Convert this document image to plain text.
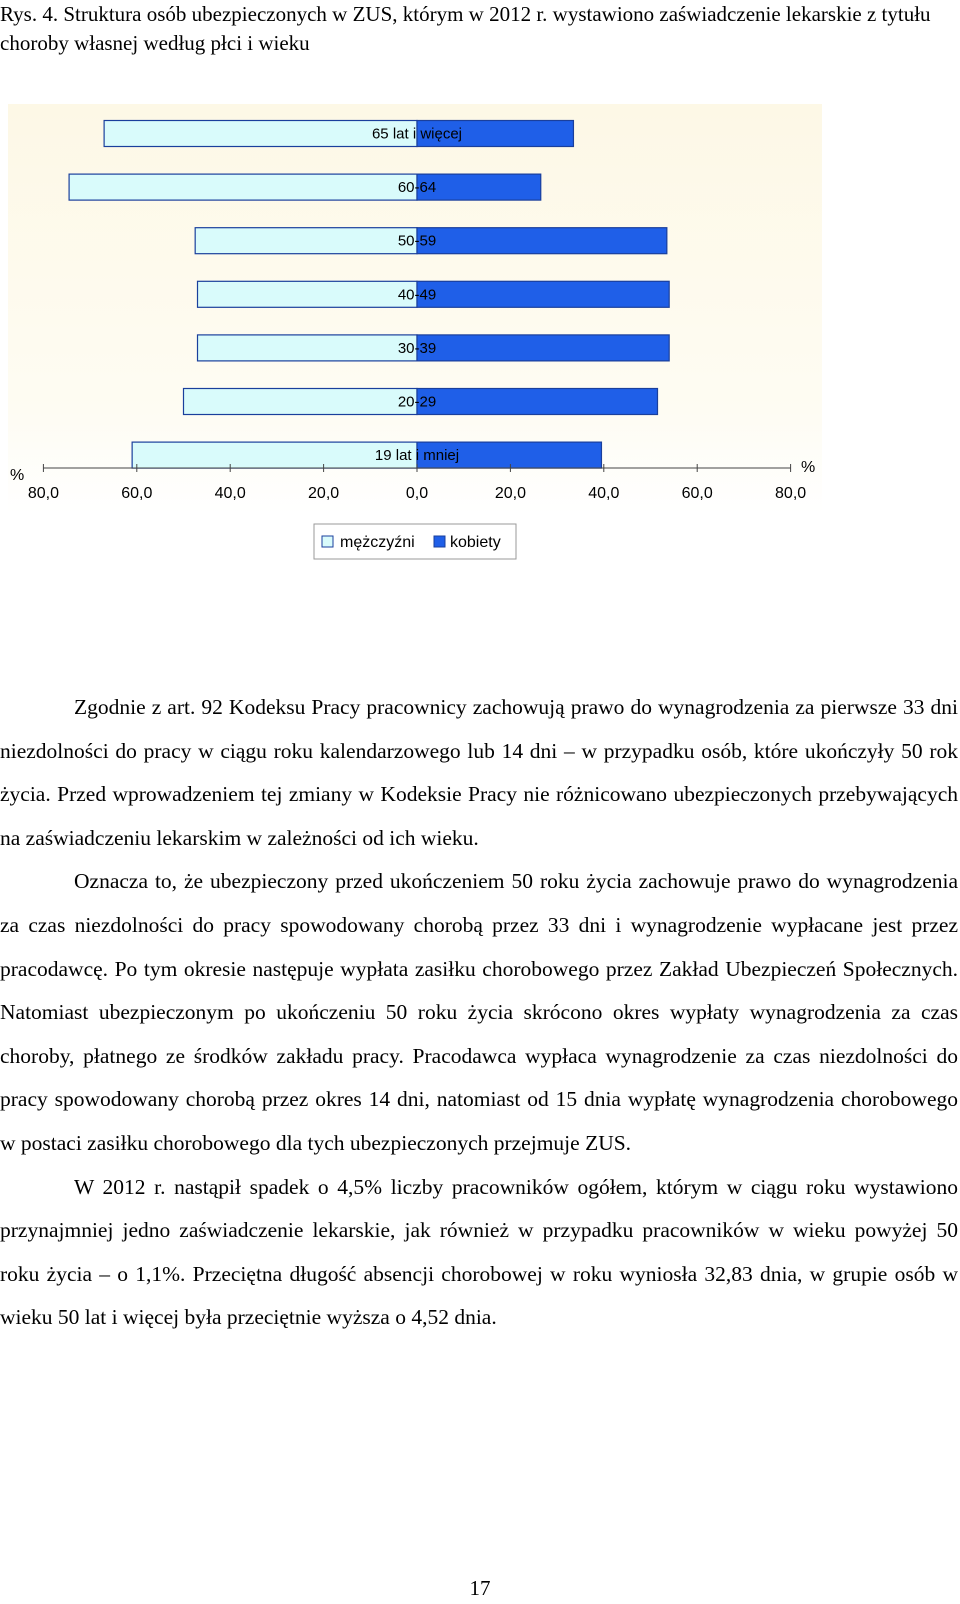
Rys. 4. Struktura osób ubezpieczonych w ZUS, którym w 2012 r. wystawiono zaświadczenie lekarskie z tytułu choroby własnej według płci i wieku
65 lat i więcej
60-64
50-59
40-49
30-39
20-29
19 lat i mniej
80,0	60,0	40,0	20,0	0,0	20,0	40,0	60,0	80,0
%	%
mężczyźni kobiety

Zgodnie z art. 92 Kodeksu Pracy pracownicy zachowują prawo do wynagrodzenia za pierwsze 33 dni niezdolności do pracy w ciągu roku kalendarzowego lub 14 dni – w przypadku osób, które ukończyły 50 rok życia. Przed wprowadzeniem tej zmiany w Kodeksie Pracy nie różnicowano ubezpieczonych przebywających na zaświadczeniu lekarskim w zależności od ich wieku.

Oznacza to, że ubezpieczony przed ukończeniem 50 roku życia zachowuje prawo do wynagrodzenia za czas niezdolności do pracy spowodowany chorobą przez 33 dni i wynagrodzenie wypłacane jest przez pracodawcę. Po tym okresie następuje wypłata zasiłku chorobowego przez Zakład Ubezpieczeń Społecznych. Natomiast ubezpieczonym po ukończeniu 50 roku życia skrócono okres wypłaty wynagrodzenia za czas choroby, płatnego ze środków zakładu pracy. Pracodawca wypłaca wynagrodzenie za czas niezdolności do pracy spowodowany chorobą przez okres 14 dni, natomiast od 15 dnia wypłatę wynagrodzenia chorobowego w postaci zasiłku chorobowego dla tych ubezpieczonych przejmuje ZUS.

W 2012 r. nastąpił spadek o 4,5% liczby pracowników ogółem, którym w ciągu roku wystawiono przynajmniej jedno zaświadczenie lekarskie, jak również w przypadku pracowników w wieku powyżej 50 roku życia – o 1,1%. Przeciętna długość absencji chorobowej w roku wyniosła 32,83 dnia, w grupie osób w wieku 50 lat i więcej była przeciętnie wyższa o 4,52 dnia.

17
